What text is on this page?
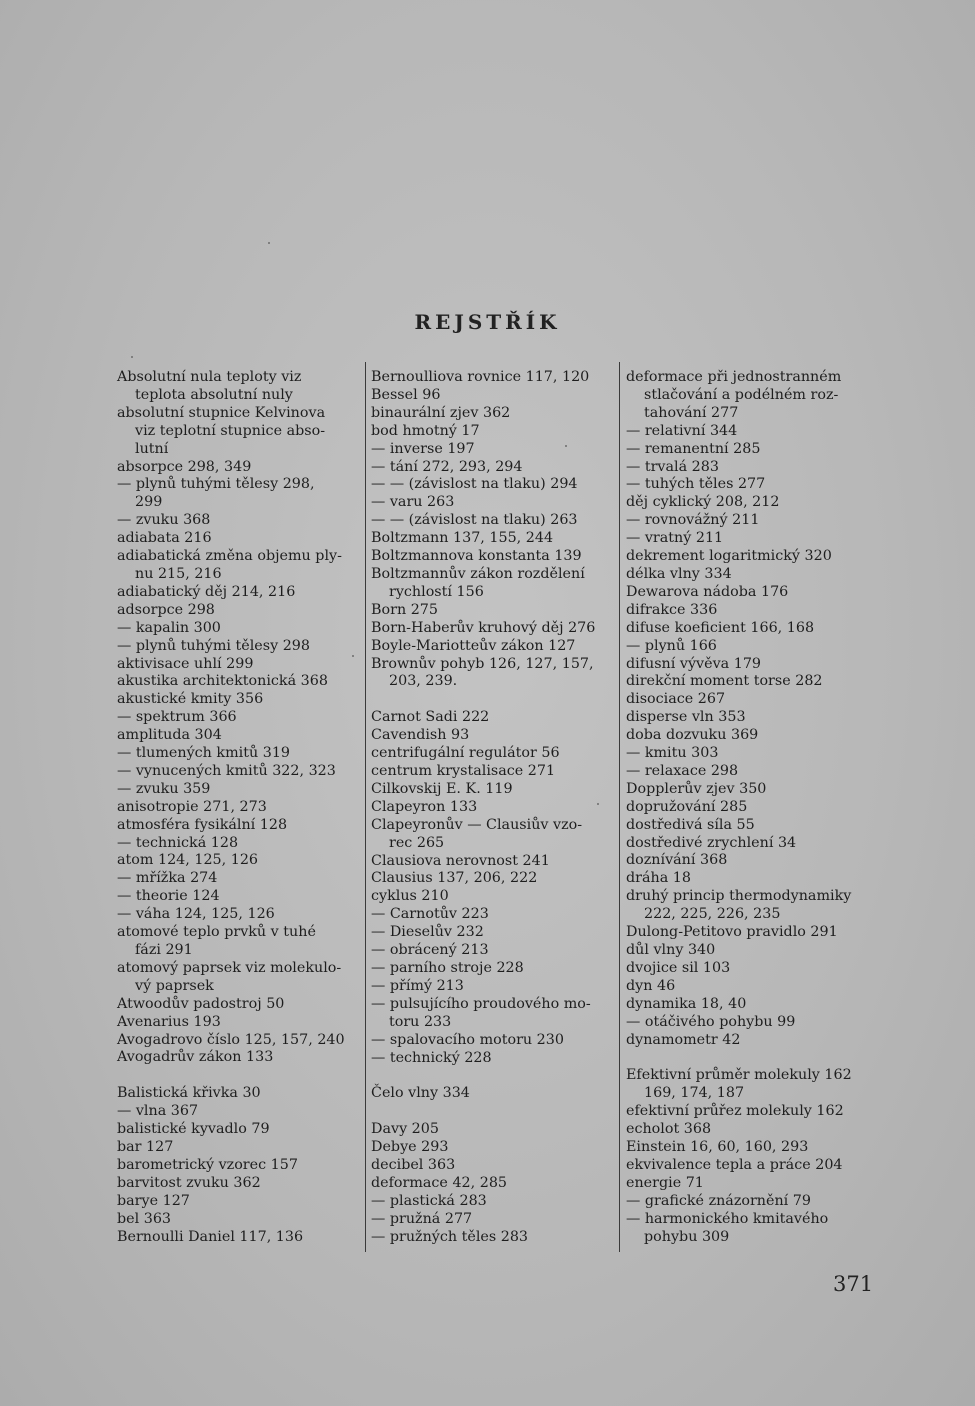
REJSTŘÍK
Absolutní nula teploty viz
teplota absolutní nuly
absolutní stupnice Kelvinova
viz teplotní stupnice abso-
lutní
absorpce 298, 349
— plynů tuhými tělesy 298,
299
— zvuku 368
adiabata 216
adiabatická změna objemu ply-
nu 215, 216
adiabatický děj 214, 216
adsorpce 298
— kapalin 300
— plynů tuhými tělesy 298
aktivisace uhlí 299
akustika architektonická 368
akustické kmity 356
— spektrum 366
amplituda 304
— tlumených kmitů 319
— vynucených kmitů 322, 323
— zvuku 359
anisotropie 271, 273
atmosféra fysikální 128
— technická 128
atom 124, 125, 126
— mřížka 274
— theorie 124
— váha 124, 125, 126
atomové teplo prvků v tuhé
fázi 291
atomový paprsek viz molekulo-
vý paprsek
Atwoodův padostroj 50
Avenarius 193
Avogadrovo číslo 125, 157, 240
Avogadrův zákon 133
Balistická křivka 30
— vlna 367
balistické kyvadlo 79
bar 127
barometrický vzorec 157
barvitost zvuku 362
barye 127
bel 363
Bernoulli Daniel 117, 136
Bernoulliova rovnice 117, 120
Bessel 96
binaurální zjev 362
bod hmotný 17
— inverse 197
— tání 272, 293, 294
— — (závislost na tlaku) 294
— varu 263
— — (závislost na tlaku) 263
Boltzmann 137, 155, 244
Boltzmannova konstanta 139
Boltzmannův zákon rozdělení
rychlostí 156
Born 275
Born-Haberův kruhový děj 276
Boyle-Mariotteův zákon 127
Brownův pohyb 126, 127, 157,
203, 239.
Carnot Sadi 222
Cavendish 93
centrifugální regulátor 56
centrum krystalisace 271
Cilkovskij E. K. 119
Clapeyron 133
Clapeyronův — Clausiův vzo-
rec 265
Clausiova nerovnost 241
Clausius 137, 206, 222
cyklus 210
— Carnotův 223
— Dieselův 232
— obrácený 213
— parního stroje 228
— přímý 213
— pulsujícího proudového mo-
toru 233
— spalovacího motoru 230
— technický 228
Čelo vlny 334
Davy 205
Debye 293
decibel 363
deformace 42, 285
— plastická 283
— pružná 277
— pružných těles 283
deformace při jednostranném
stlačování a podélném roz-
tahování 277
— relativní 344
— remanentní 285
— trvalá 283
— tuhých těles 277
děj cyklický 208, 212
— rovnovážný 211
— vratný 211
dekrement logaritmický 320
délka vlny 334
Dewarova nádoba 176
difrakce 336
difuse koeficient 166, 168
— plynů 166
difusní vývěva 179
direkční moment torse 282
disociace 267
disperse vln 353
doba dozvuku 369
— kmitu 303
— relaxace 298
Dopplerův zjev 350
dopružování 285
dostředivá síla 55
dostředivé zrychlení 34
doznívání 368
dráha 18
druhý princip thermodynamiky
222, 225, 226, 235
Dulong-Petitovo pravidlo 291
důl vlny 340
dvojice sil 103
dyn 46
dynamika 18, 40
— otáčivého pohybu 99
dynamometr 42
Efektivní průměr molekuly 162
169, 174, 187
efektivní průřez molekuly 162
echolot 368
Einstein 16, 60, 160, 293
ekvivalence tepla a práce 204
energie 71
— grafické znázornění 79
— harmonického kmitavého
pohybu 309
371
